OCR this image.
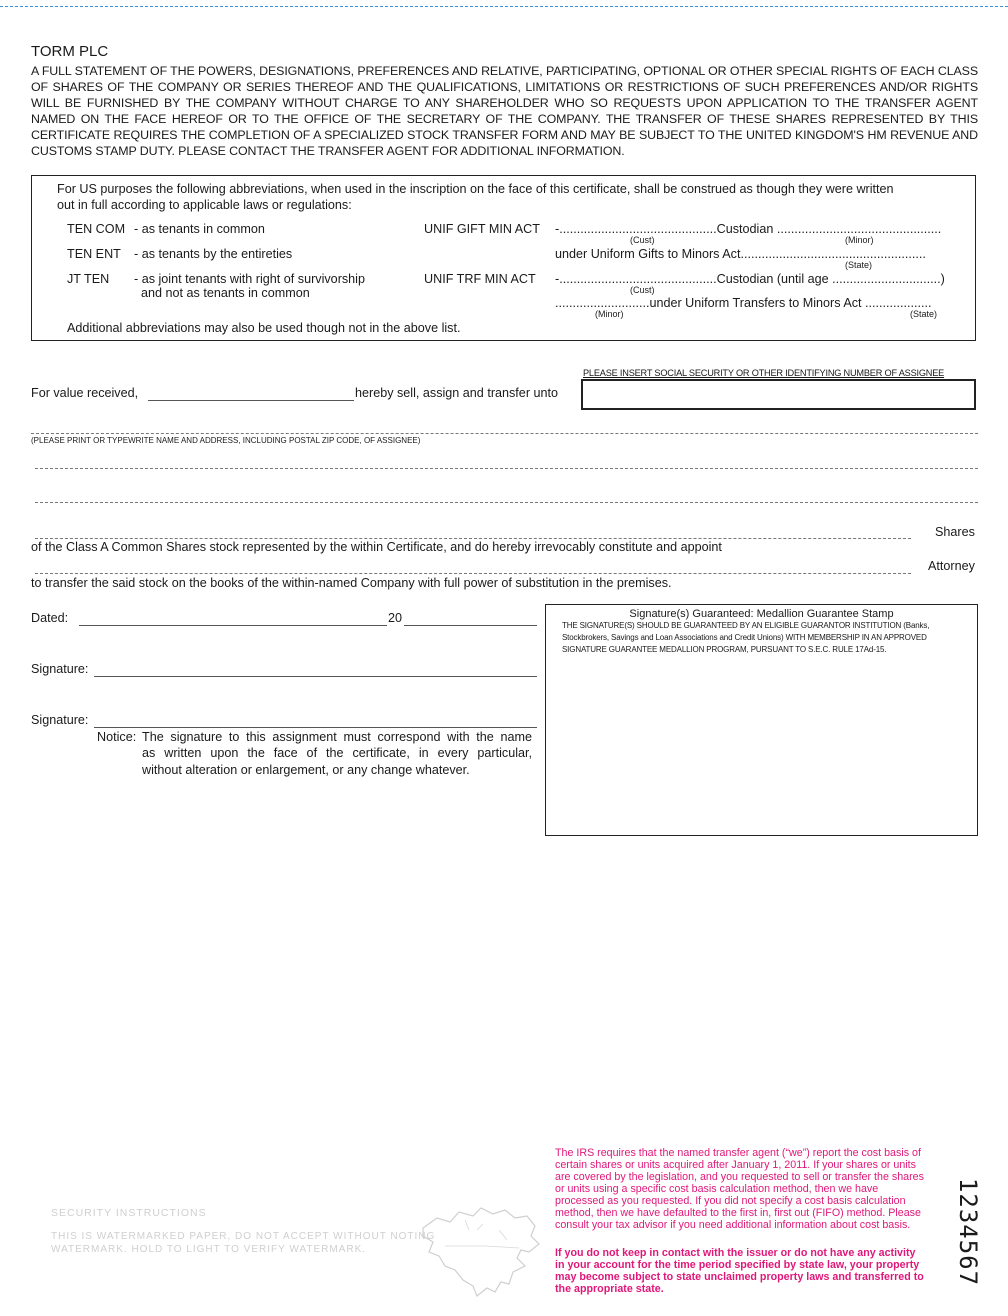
TORM PLC
A FULL STATEMENT OF THE POWERS, DESIGNATIONS, PREFERENCES AND RELATIVE, PARTICIPATING, OPTIONAL OR OTHER SPECIAL RIGHTS OF EACH CLASS OF SHARES OF THE COMPANY OR SERIES THEREOF AND THE QUALIFICATIONS, LIMITATIONS OR RESTRICTIONS OF SUCH PREFERENCES AND/OR RIGHTS WILL BE FURNISHED BY THE COMPANY WITHOUT CHARGE TO ANY SHAREHOLDER WHO SO REQUESTS UPON APPLICATION TO THE TRANSFER AGENT NAMED ON THE FACE HEREOF OR TO THE OFFICE OF THE SECRETARY OF THE COMPANY. THE TRANSFER OF THESE SHARES REPRESENTED BY THIS CERTIFICATE REQUIRES THE COMPLETION OF A SPECIALIZED STOCK TRANSFER FORM AND MAY BE SUBJECT TO THE UNITED KINGDOM'S HM REVENUE AND CUSTOMS STAMP DUTY. PLEASE CONTACT THE TRANSFER AGENT FOR ADDITIONAL INFORMATION.
For US purposes the following abbreviations, when used in the inscription on the face of this certificate, shall be construed as though they were written
out in full according to applicable laws or regulations:
TEN COM - as tenants in common
TEN ENT - as tenants by the entireties
JT TEN - as joint tenants with right of survivorship
and not as tenants in common
UNIF GIFT MIN ACT -.............................................Custodian ...............................................
(Cust)	(Minor)
under Uniform Gifts to Minors Act.....................................................
(State)
UNIF TRF MIN ACT -.............................................Custodian (until age ...............................)
(Cust)
...........................under Uniform Transfers to Minors Act ...................
(Minor)	(State)
Additional abbreviations may also be used though not in the above list.
PLEASE INSERT SOCIAL SECURITY OR OTHER IDENTIFYING NUMBER OF ASSIGNEE
For value received,	hereby sell, assign and transfer unto
(PLEASE PRINT OR TYPEWRITE NAME AND ADDRESS, INCLUDING POSTAL ZIP CODE, OF ASSIGNEE)
Shares
of the Class A Common Shares stock represented by the within Certificate, and do hereby irrevocably constitute and appoint
Attorney
to transfer the said stock on the books of the within-named Company with full power of substitution in the premises.
Dated:	20
Signature:
Signature:
Notice: The signature to this assignment must correspond with the name
as written upon the face of the certificate, in every particular,
without alteration or enlargement, or any change whatever.
Signature(s) Guaranteed: Medallion Guarantee Stamp
THE SIGNATURE(S) SHOULD BE GUARANTEED BY AN ELIGIBLE GUARANTOR INSTITUTION (Banks,
Stockbrokers, Savings and Loan Associations and Credit Unions) WITH MEMBERSHIP IN AN APPROVED
SIGNATURE GUARANTEE MEDALLION PROGRAM, PURSUANT TO S.E.C. RULE 17Ad-15.
SECURITY INSTRUCTIONS
THIS IS WATERMARKED PAPER, DO NOT ACCEPT WITHOUT NOTING WATERMARK. HOLD TO LIGHT TO VERIFY WATERMARK.
The IRS requires that the named transfer agent (“we”) report the cost basis of certain shares or units acquired after January 1, 2011. If your shares or units are covered by the legislation, and you requested to sell or transfer the shares or units using a specific cost basis calculation method, then we have processed as you requested. If you did not specify a cost basis calculation method, then we have defaulted to the first in, first out (FIFO) method. Please consult your tax advisor if you need additional information about cost basis.
If you do not keep in contact with the issuer or do not have any activity in your account for the time period specified by state law, your property may become subject to state unclaimed property laws and transferred to the appropriate state.
1234567
